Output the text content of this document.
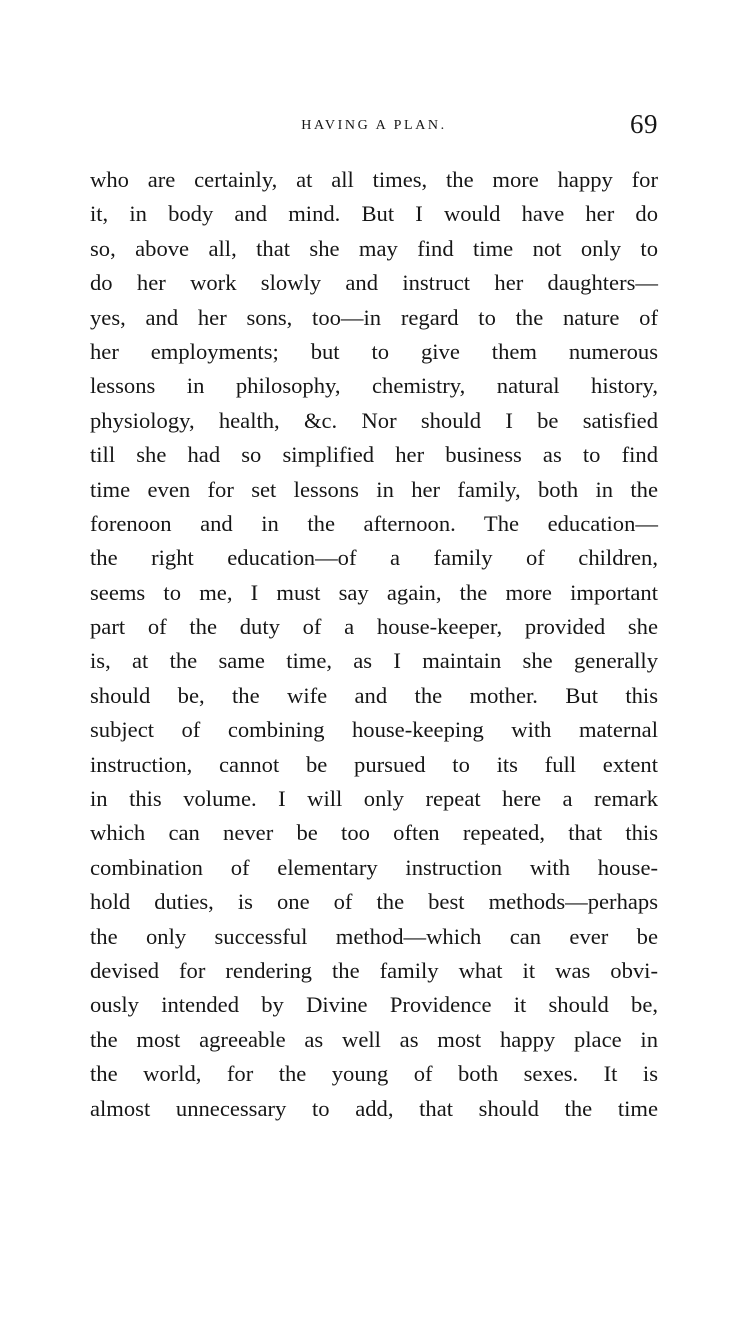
HAVING A PLAN.	69
who are certainly, at all times, the more happy for
it, in body and mind. But I would have her do
so, above all, that she may find time not only to
do her work slowly and instruct her daughters—
yes, and her sons, too—in regard to the nature of
her employments; but to give them numerous
lessons in philosophy, chemistry, natural history,
physiology, health, &c. Nor should I be satisfied
till she had so simplified her business as to find
time even for set lessons in her family, both in the
forenoon and in the afternoon. The education—
the right education—of a family of children,
seems to me, I must say again, the more important
part of the duty of a house-keeper, provided she
is, at the same time, as I maintain she generally
should be, the wife and the mother. But this
subject of combining house-keeping with maternal
instruction, cannot be pursued to its full extent
in this volume. I will only repeat here a remark
which can never be too often repeated, that this
combination of elementary instruction with house-
hold duties, is one of the best methods—perhaps
the only successful method—which can ever be
devised for rendering the family what it was obvi-
ously intended by Divine Providence it should be,
the most agreeable as well as most happy place in
the world, for the young of both sexes. It is
almost unnecessary to add, that should the time
